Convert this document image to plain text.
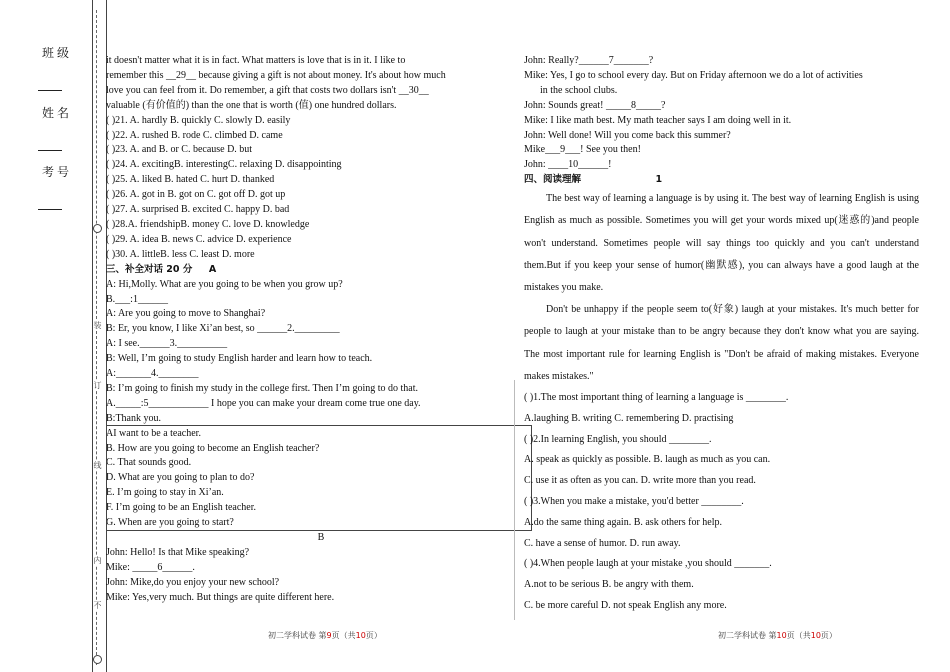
班级
姓名
考号
装
订
线
内
不
it doesn't matter what it is in fact. What matters is love that is in it. I like to
remember this __29__ because giving a gift is not about money. It's about how much
love you can feel from it. Do remember, a gift that costs two dollars isn't __30__
valuable (有价值的) than the one that is worth (值) one hundred dollars.
( )21. A. hardly B. quickly C. slowly D. easily
( )22. A. rushed B. rode C. climbed D. came
( )23. A. and B. or C. because D. but
( )24. A. excitingB. interestingC. relaxing D. disappointing
( )25. A. liked B. hated C. hurt D. thanked
( )26. A. got in B. got on C. got off D. got up
( )27. A. surprised B. excited C. happy D. bad
( )28.A. friendshipB. money C. love D. knowledge
( )29. A. idea B. news C. advice D. experience
( )30. A. littleB. less C. least D. more
三、补全对话 20 分 A
A: Hi,Molly. What are you going to be when you grow up?
B.___:1______
A: Are you going to move to Shanghai?
B: Er, you know, I like Xi’an best, so ______2._________
A: I see.______3.__________
B: Well, I’m going to study English harder and learn how to teach.
A:_______4.________
B: I’m going to finish my study in the college first. Then I’m going to do that.
A._____:5____________ I hope you can make your dream come true one day.
B:Thank you.
AI want to be a teacher.
B. How are you going to become an English teacher?
C. That sounds good.
D. What are you going to plan to do?
E. I’m going to stay in Xi’an.
F. I’m going to be an English teacher.
G. When are you going to start?
B
John: Hello! Is that Mike speaking?
Mike: _____6______.
John: Mike,do you enjoy your new school?
Mike: Yes,very much. But things are quite different here.
John: Really?______7_______?
Mike: Yes, I go to school every day. But on Friday afternoon we do a lot of activities
in the school clubs.
John: Sounds great! _____8_____?
Mike: I like math best. My math teacher says I am doing well in it.
John: Well done! Will you come back this summer?
Mike___9___! See you then!
John: ____10______!
四、阅读理解	1

The best way of learning a language is by using it. The best way of learning English is using English as much as possible. Sometimes you will get your words mixed up(迷惑的)and people won't understand. Sometimes people will say things too quickly and you can't understand them.But if you keep your sense of humor(幽默感), you can always have a good laugh at the mistakes you make.

Don't be unhappy if the people seem to(好象) laugh at your mistakes. It's much better for people to laugh at your mistake than to be angry because they don't know what you are saying. The most important rule for learning English is "Don't be afraid of making mistakes. Everyone makes mistakes."

( )1.The most important thing of learning a language is ________.
A.laughing B. writing C. remembering D. practising
( )2.In learning English, you should ________.
A. speak as quickly as possible. B. laugh as much as you can.
C. use it as often as you can. D. write more than you read.
( )3.When you make a mistake, you'd better ________.
A.do the same thing again. B. ask others for help.
C. have a sense of humor. D. run away.
( )4.When people laugh at your mistake ,you should _______.
A.not to be serious B. be angry with them.
C. be more careful D. not speak English any more.
初二学科试卷 第9页（共10页）	初二学科试卷 第10页（共10页）
